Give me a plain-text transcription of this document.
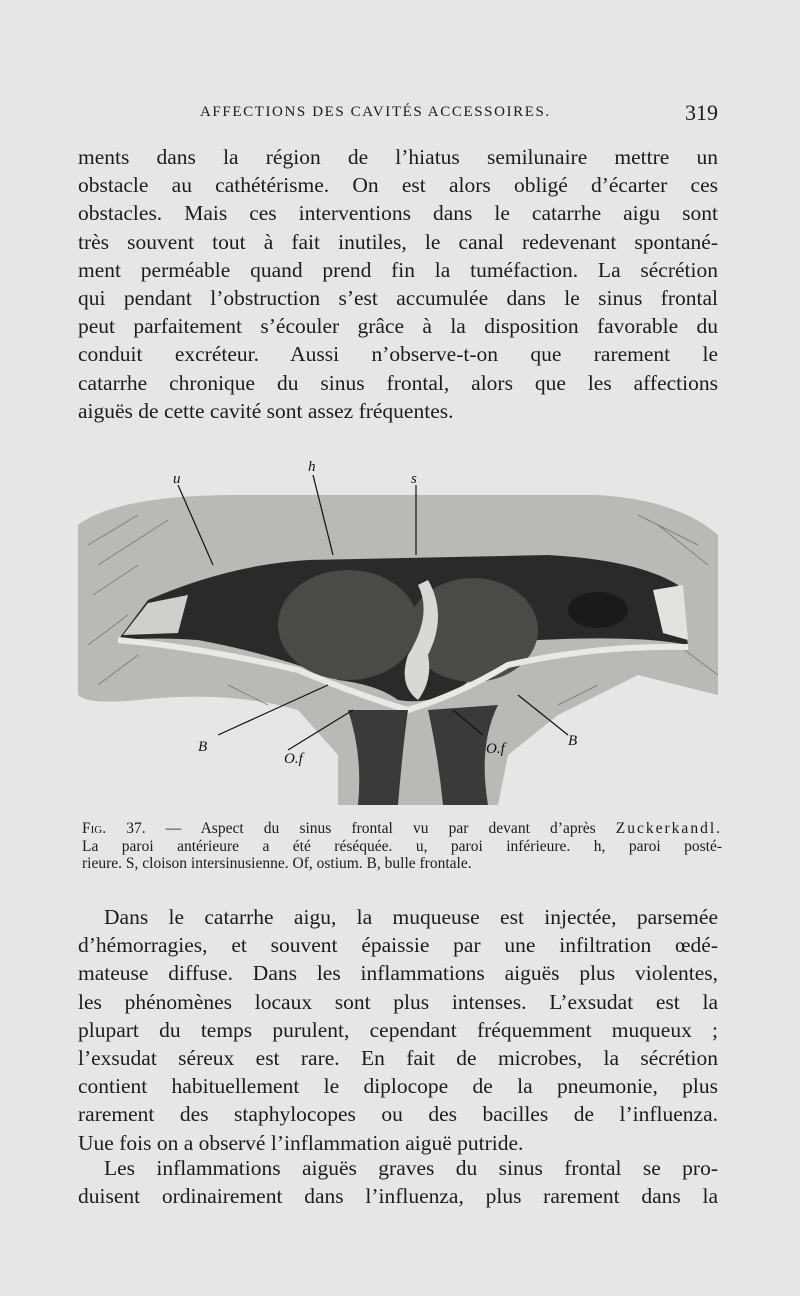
AFFECTIONS DES CAVITÉS ACCESSOIRES.	319
ments dans la région de l’hiatus semilunaire mettre un
obstacle au cathétérisme. On est alors obligé d’écarter ces
obstacles. Mais ces interventions dans le catarrhe aigu sont
très souvent tout à fait inutiles, le canal redevenant spontané-
ment perméable quand prend fin la tuméfaction. La sécrétion
qui pendant l’obstruction s’est accumulée dans le sinus frontal
peut parfaitement s’écouler grâce à la disposition favorable du
conduit excréteur. Aussi n’observe-t-on que rarement le
catarrhe chronique du sinus frontal, alors que les affections
aiguës de cette cavité sont assez fréquentes.
u
h
s
B
O.f
O.f	B
Fig. 37. — Aspect du sinus frontal vu par devant d’après Zuckerkandl.
La paroi antérieure a été réséquée. u, paroi inférieure. h, paroi posté-
rieure. S, cloison intersinusienne. Of, ostium. B, bulle frontale.
Dans le catarrhe aigu, la muqueuse est injectée, parsemée
d’hémorragies, et souvent épaissie par une infiltration œdé-
mateuse diffuse. Dans les inflammations aiguës plus violentes,
les phénomènes locaux sont plus intenses. L’exsudat est la
plupart du temps purulent, cependant fréquemment muqueux ;
l’exsudat séreux est rare. En fait de microbes, la sécrétion
contient habituellement le diplocope de la pneumonie, plus
rarement des staphylocopes ou des bacilles de l’influenza.
Uue fois on a observé l’inflammation aiguë putride.
Les inflammations aiguës graves du sinus frontal se pro-
duisent ordinairement dans l’influenza, plus rarement dans la
